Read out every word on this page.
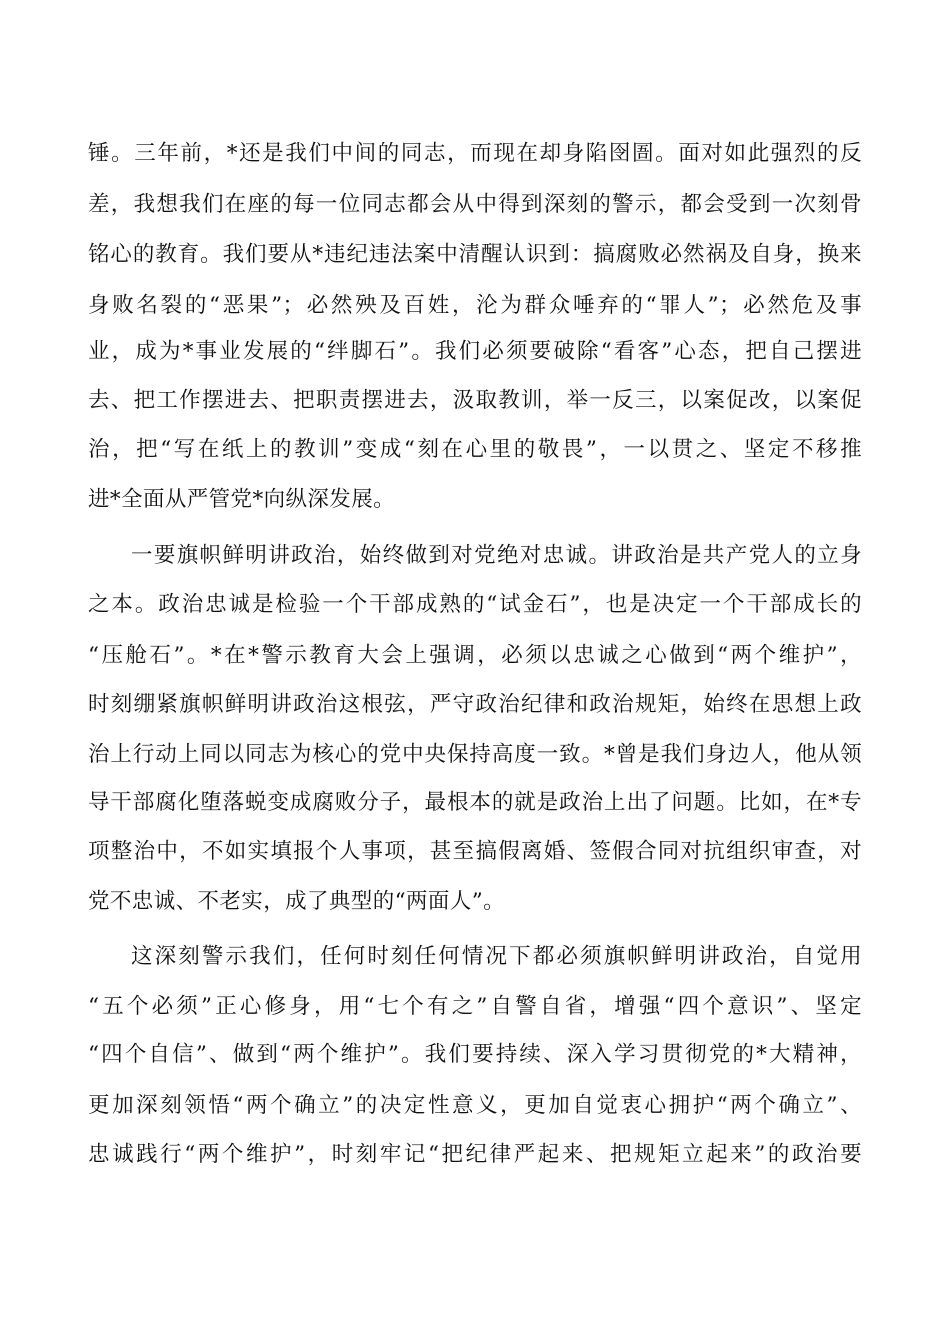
锤。三年前，*还是我们中间的同志，而现在却身陷囹圄。面对如此强烈的反
差，我想我们在座的每一位同志都会从中得到深刻的警示，都会受到一次刻骨
铭心的教育。我们要从*违纪违法案中清醒认识到：搞腐败必然祸及自身，换来
身败名裂的“恶果”；必然殃及百姓，沦为群众唾弃的“罪人”；必然危及事
业，成为*事业发展的“绊脚石”。我们必须要破除“看客”心态，把自己摆进
去、把工作摆进去、把职责摆进去，汲取教训，举一反三，以案促改，以案促
治，把“写在纸上的教训”变成“刻在心里的敬畏”，一以贯之、坚定不移推
进*全面从严管党*向纵深发展。
一要旗帜鲜明讲政治，始终做到对党绝对忠诚。讲政治是共产党人的立身
之本。政治忠诚是检验一个干部成熟的“试金石”，也是决定一个干部成长的
“压舱石”。*在*警示教育大会上强调，必须以忠诚之心做到“两个维护”，
时刻绷紧旗帜鲜明讲政治这根弦，严守政治纪律和政治规矩，始终在思想上政
治上行动上同以同志为核心的党中央保持高度一致。*曾是我们身边人，他从领
导干部腐化堕落蜕变成腐败分子，最根本的就是政治上出了问题。比如，在*专
项整治中，不如实填报个人事项，甚至搞假离婚、签假合同对抗组织审查，对
党不忠诚、不老实，成了典型的“两面人”。
这深刻警示我们，任何时刻任何情况下都必须旗帜鲜明讲政治，自觉用
“五个必须”正心修身，用“七个有之”自警自省，增强“四个意识”、坚定
“四个自信”、做到“两个维护”。我们要持续、深入学习贯彻党的*大精神，
更加深刻领悟“两个确立”的决定性意义，更加自觉衷心拥护“两个确立”、
忠诚践行“两个维护”，时刻牢记“把纪律严起来、把规矩立起来”的政治要
